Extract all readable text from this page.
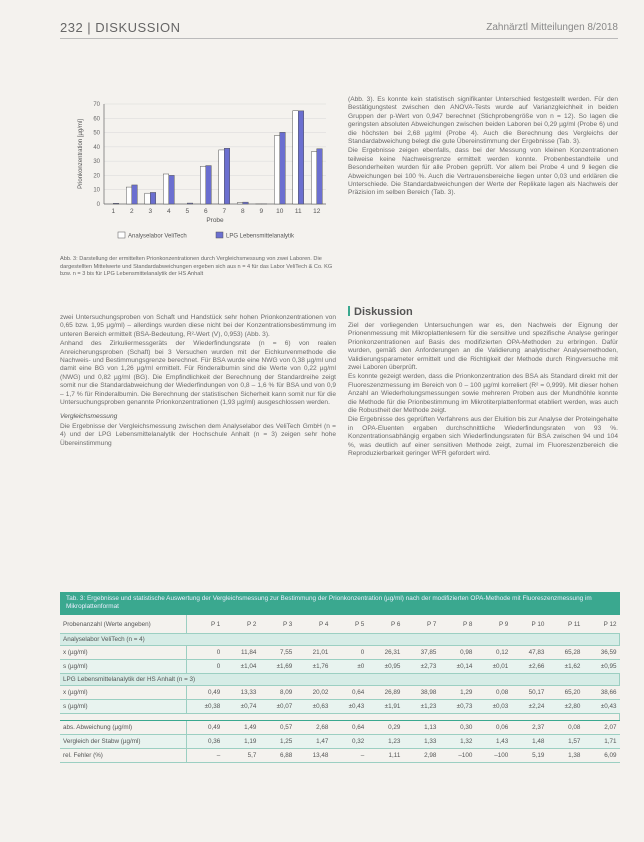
232 | DISKUSSION	Zahnärztl Mitteilungen 8/2018
0
10
20
30
40
50
60
70
1 2 3 4 5 6 7 8 9 10 11 12
Probe
Prionkonzentration [µg/ml]
Analyselabor VeliTech	LPG Lebensmittelanalytik
Abb. 3: Darstellung der ermittelten Prionkonzentrationen durch Vergleichsmessung von zwei Laboren. Die dargestellten Mittelwerte und Standardabweichungen ergeben sich aus n = 4 für das Labor VeliTech & Co. KG bzw. n = 3 bis für LPG Lebensmittelanalytik der HS Anhalt

(Abb. 3). Es konnte kein statistisch signifikanter Unterschied festgestellt werden. Für den Bestätigungstest zwischen den ANOVA-Tests wurde auf Varianzgleichheit in beiden Gruppen der p-Wert von 0,947 berechnet (Stichprobengröße von n = 12). So lagen die geringsten absoluten Abweichungen zwischen beiden Laboren bei 0,29 µg/ml (Probe 6) und die höchsten bei 2,68 µg/ml (Probe 4). Auch die Berechnung des Vergleichs der Standardabweichung belegt die gute Übereinstimmung der Ergebnisse (Tab. 3).

Die Ergebnisse zeigen ebenfalls, dass bei der Messung von kleinen Konzentrationen teilweise keine Nachweisgrenze ermittelt werden konnte. Probenbestandteile und Besonderheiten wurden für alle Proben geprüft. Vor allem bei Probe 4 und 9 liegen die Abweichungen bei 100 %. Auch die Vertrauensbereiche liegen unter 0,03 und erklären die Unterschiede. Die Standardabweichungen der Werte der Replikate lagen als Nachweis der Präzision im selben Bereich (Tab. 3).

Diskussion

Ziel der vorliegenden Untersuchungen war es, den Nachweis der Eignung der Prionenmessung mit Mikroplattenlesern für die sensitive und spezifische Analyse geringer Prionkonzentrationen auf Basis des modifizierten OPA-Methoden zu erbringen. Dafür wurden, gemäß den Anforderungen an die Validierung analytischer Analysemethoden, Validierungsparameter ermittelt und die Richtigkeit der Methode durch Ringversuche mit zwei Laboren überprüft.

Es konnte gezeigt werden, dass die Prionkonzentration des BSA als Standard direkt mit der Fluoreszenzmessung im Bereich von 0 – 100 µg/ml korreliert (R² = 0,999). Mit dieser hohen Anzahl an Wiederholungsmessungen sowie mehreren Proben aus der Mundhöhle konnte die Methode für die Prionbestimmung im Mikrotiterplattenformat etabliert werden, was auch die Robustheit der Methode zeigt.

Die Ergebnisse des geprüften Verfahrens aus der Eluition bis zur Analyse der Proteingehalte in OPA-Eluenten ergaben durchschnittliche Wiederfindungsraten von 93 %. Konzentrationsabhängig ergaben sich Wiederfindungsraten für BSA zwischen 94 und 104 %, was deutlich auf einer sensitiven Methode zeigt, zumal im Fluoreszenzbereich die Reproduzierbarkeit geringer WFR gefordert wird.

zwei Untersuchungsproben von Schaft und Handstück sehr hohen Prionkonzentrationen von 0,65 bzw. 1,95 µg/ml) – allerdings wurden diese nicht bei der Konzentrationsbestimmung im unteren Bereich ermittelt (BSA-Bedeutung, R²-Wert (V), 0,953) (Abb. 3).

Anhand des Zirkuliermessgeräts der Wiederfindungsrate (n = 6) von realen Anreicherungsproben (Schaft) bei 3 Versuchen wurden mit der Eichkurvenmethode die Nachweis- und Bestimmungsgrenze berechnet. Für BSA wurde eine NWG von 0,38 µg/ml und damit eine BG von 1,26 µg/ml ermittelt. Für Rinderalbumin sind die Werte von 0,22 µg/ml (NWG) und 0,82 µg/ml (BG). Die Empfindlichkeit der Berechnung der Standardreihe zeigt somit nur die Standardabweichung der Wiederfindungen von 0,8 – 1,6 % für BSA und von 0,9 – 1,7 % für Rinderalbumin. Die Berechnung der statistischen Sicherheit kann somit nur für die Untersuchungsproben genannte Prionkonzentrationen (1,93 µg/ml) ausgeschlossen werden.

Vergleichsmessung

Die Ergebnisse der Vergleichsmessung zwischen dem Analyselabor des VeliTech GmbH (n = 4) und der LPG Lebensmittelanalytik der Hochschule Anhalt (n = 3) zeigen sehr hohe Übereinstimmung

Tab. 3: Ergebnisse und statistische Auswertung der Vergleichsmessung zur Bestimmung der Prionkonzentration (µg/ml) nach der modifizierten OPA-Methode mit Fluoreszenzmessung im Mikroplattenformat
Probenanzahl (Werte angeben)	P 1	P 2	P 3	P 4	P 5	P 6	P 7	P 8	P 9	P 10	P 11	P 12
Analyselabor VeliTech (n = 4)												
x (µg/ml)	0	11,84	7,55	21,01	0	26,31	37,85	0,98	0,12	47,83	65,28	36,59
s (µg/ml)	0	±1,04	±1,69	±1,76	±0	±0,95	±2,73	±0,14	±0,01	±2,66	±1,62	±0,95
LPG Lebensmittelanalytik der HS Anhalt (n = 3)												
x (µg/ml)	0,49	13,33	8,09	20,02	0,64	26,89	38,98	1,29	0,08	50,17	65,20	38,66
s (µg/ml)	±0,38	±0,74	±0,07	±0,63	±0,43	±1,91	±1,23	±0,73	±0,03	±2,24	±2,80	±0,43

abs. Abweichung (µg/ml)	0,49	1,49	0,57	2,68	0,64	0,29	1,13	0,30	0,06	2,37	0,08	2,07
Vergleich der Stabw (µg/ml)	0,36	1,19	1,25	1,47	0,32	1,23	1,33	1,32	1,43	1,48	1,57	1,71
rel. Fehler (%)	–	5,7	6,88	13,48	–	1,11	2,98	–100	–100	5,19	1,38	6,09
